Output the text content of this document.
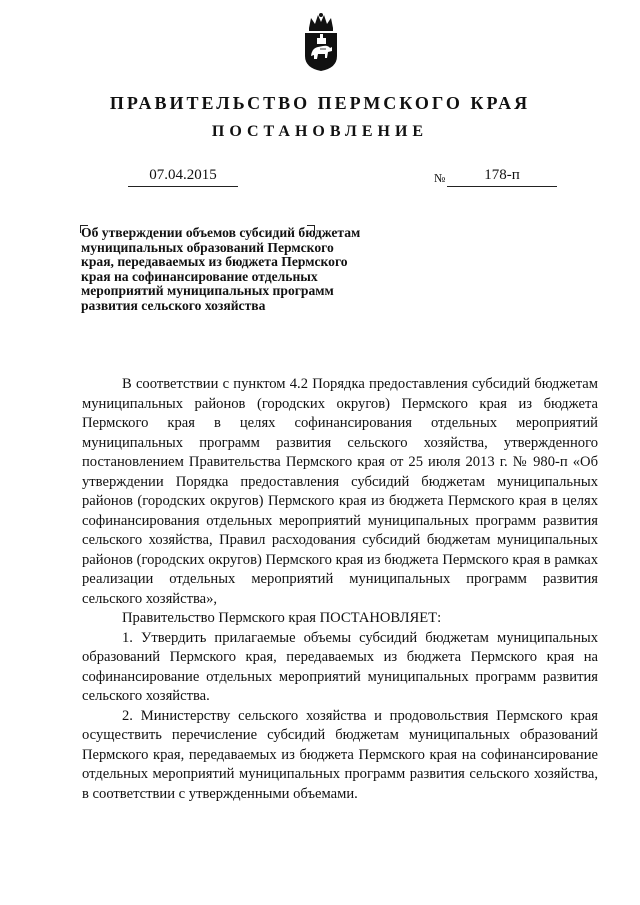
ПРАВИТЕЛЬСТВО ПЕРМСКОГО КРАЯ
ПОСТАНОВЛЕНИЕ
07.04.2015	№	178-п
Об утверждении объемов субсидий бюджетам муниципальных образований Пермского края, передаваемых из бюджета Пермского края на софинансирование отдельных мероприятий муниципальных программ развития сельского хозяйства

В соответствии с пунктом 4.2 Порядка предоставления субсидий бюджетам муниципальных районов (городских округов) Пермского края из бюджета Пермского края в целях софинансирования отдельных мероприятий муниципальных программ развития сельского хозяйства, утвержденного постановлением Правительства Пермского края от 25 июля 2013 г. № 980-п «Об утверждении Порядка предоставления субсидий бюджетам муниципальных районов (городских округов) Пермского края из бюджета Пермского края в целях софинансирования отдельных мероприятий муниципальных программ развития сельского хозяйства, Правил расходования субсидий бюджетам муниципальных районов (городских округов) Пермского края из бюджета Пермского края в рамках реализации отдельных мероприятий муниципальных программ развития сельского хозяйства»,

Правительство Пермского края ПОСТАНОВЛЯЕТ:

1. Утвердить прилагаемые объемы субсидий бюджетам муниципальных образований Пермского края, передаваемых из бюджета Пермского края на софинансирование отдельных мероприятий муниципальных программ развития сельского хозяйства.

2. Министерству сельского хозяйства и продовольствия Пермского края осуществить перечисление субсидий бюджетам муниципальных образований Пермского края, передаваемых из бюджета Пермского края на софинансирование отдельных мероприятий муниципальных программ развития сельского хозяйства, в соответствии с утвержденными объемами.
